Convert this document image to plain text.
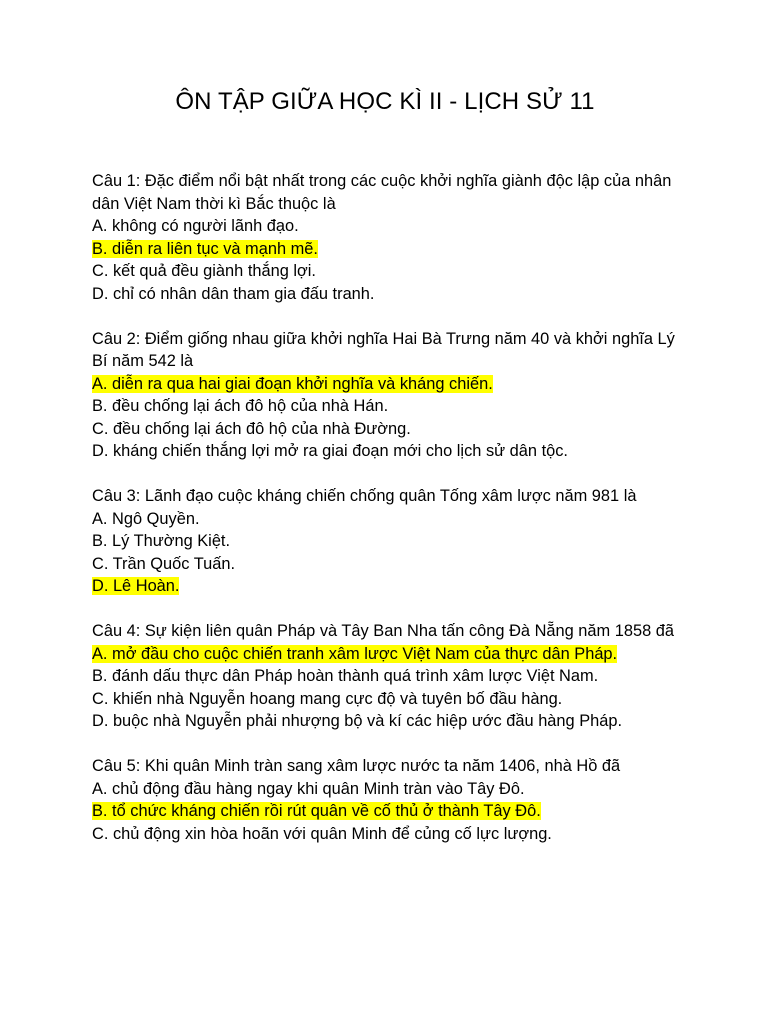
ÔN TẬP GIỮA HỌC KÌ II - LỊCH SỬ 11
Câu 1: Đặc điểm nổi bật nhất trong các cuộc khởi nghĩa giành độc lập của nhân dân Việt Nam thời kì Bắc thuộc là
A. không có người lãnh đạo.
B. diễn ra liên tục và mạnh mẽ.
C. kết quả đều giành thắng lợi.
D. chỉ có nhân dân tham gia đấu tranh.
Câu 2: Điểm giống nhau giữa khởi nghĩa Hai Bà Trưng năm 40 và khởi nghĩa Lý Bí năm 542 là
A. diễn ra qua hai giai đoạn khởi nghĩa và kháng chiến.
B. đều chống lại ách đô hộ của nhà Hán.
C. đều chống lại ách đô hộ của nhà Đường.
D. kháng chiến thắng lợi mở ra giai đoạn mới cho lịch sử dân tộc.
Câu 3: Lãnh đạo cuộc kháng chiến chống quân Tống xâm lược năm 981 là
A. Ngô Quyền.
B. Lý Thường Kiệt.
C. Trần Quốc Tuấn.
D. Lê Hoàn.
Câu 4: Sự kiện liên quân Pháp và Tây Ban Nha tấn công Đà Nẵng năm 1858 đã
A. mở đầu cho cuộc chiến tranh xâm lược Việt Nam của thực dân Pháp.
B. đánh dấu thực dân Pháp hoàn thành quá trình xâm lược Việt Nam.
C. khiến nhà Nguyễn hoang mang cực độ và tuyên bố đầu hàng.
D. buộc nhà Nguyễn phải nhượng bộ và kí các hiệp ước đầu hàng Pháp.
Câu 5: Khi quân Minh tràn sang xâm lược nước ta năm 1406, nhà Hồ đã
A. chủ động đầu hàng ngay khi quân Minh tràn vào Tây Đô.
B. tổ chức kháng chiến rồi rút quân về cố thủ ở thành Tây Đô.
C. chủ động xin hòa hoãn với quân Minh để củng cố lực lượng.
